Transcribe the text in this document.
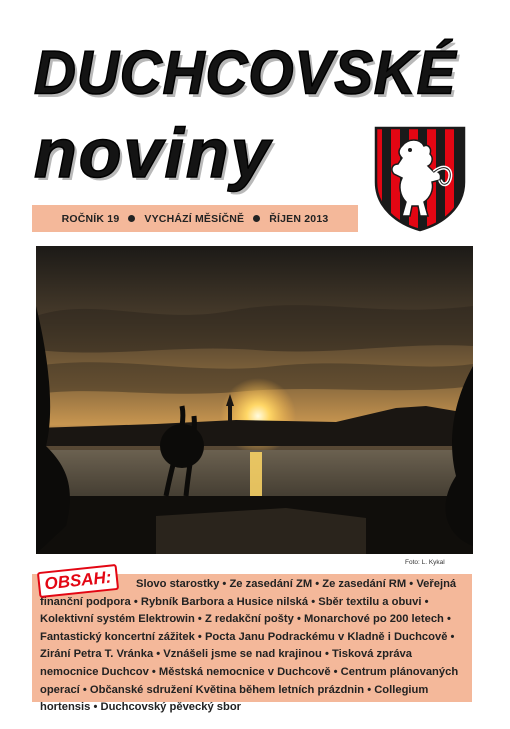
DUCHCOVSKÉ
noviny
ROČNÍK 19 VYCHÁZÍ MĚSÍČNĚ ŘÍJEN 2013
Foto: L. Kykal
Slovo starostky • Ze zasedání ZM • Ze zasedání RM • Veřejná finanční podpora • Rybník Barbora a Husice nilská • Sběr textilu a obuvi • Kolektivní systém Elektrowin • Z redakční pošty • Monarchové po 200 letech • Fantastický koncertní zážitek • Pocta Janu Podrackému v Kladně i Duchcově • Zirání Petra T. Vránka • Vznášeli jsme se nad krajinou • Tisková zpráva nemocnice Duchcov • Městská nemocnice v Duchcově • Centrum plánovaných operací • Občanské sdružení Květina během letních prázdnin • Collegium hortensis • Duchcovský pěvecký sbor
OBSAH:
